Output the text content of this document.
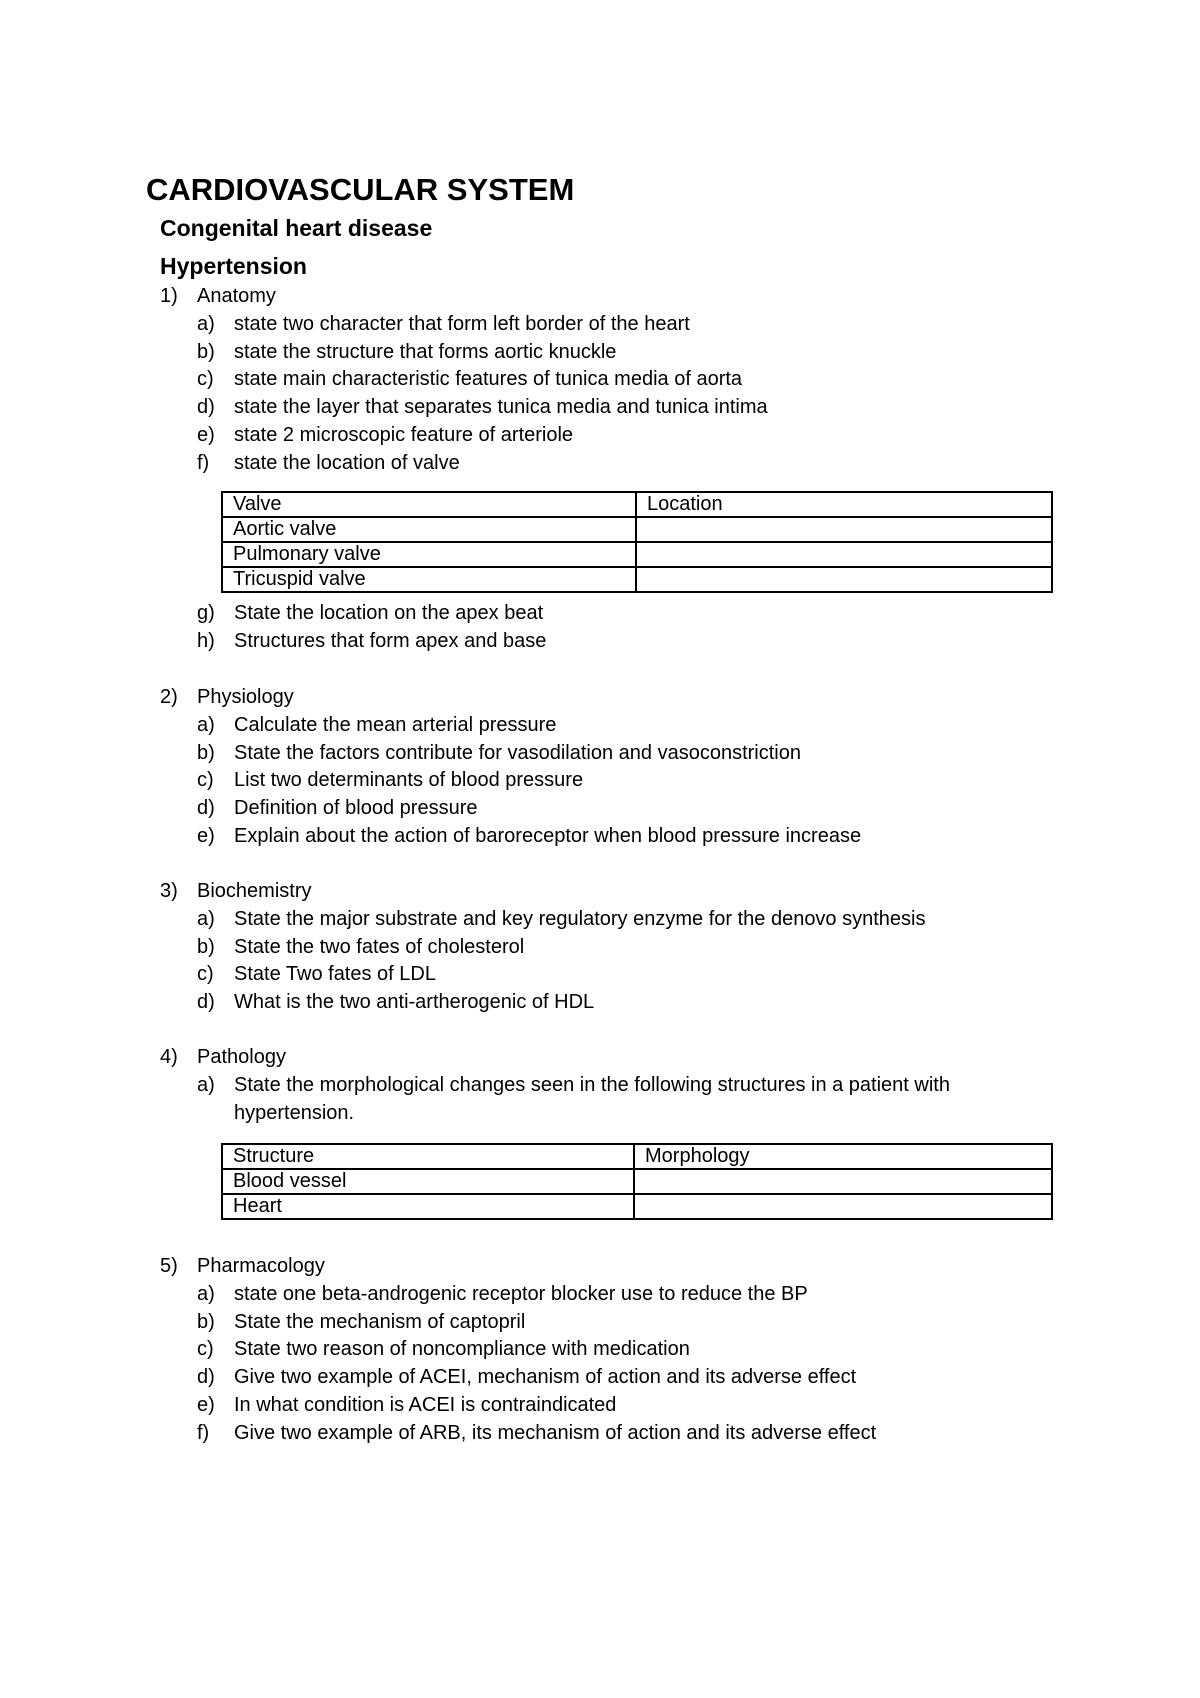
CARDIOVASCULAR SYSTEM
Congenital heart disease
Hypertension
1) Anatomy
a) state two character that form left border of the heart
b) state the structure that forms aortic knuckle
c)	state main characteristic features of tunica media of aorta
d) state the layer that separates tunica media and tunica intima
e) state 2 microscopic feature of arteriole
f)	state the location of valve
Valve	Location
Aortic valve	
Pulmonary valve	
Tricuspid valve	
g) State the location on the apex beat
h) Structures that form apex and base
2) Physiology
a) Calculate the mean arterial pressure
b) State the factors contribute for vasodilation and vasoconstriction
c)	List two determinants of blood pressure
d) Definition of blood pressure
e) Explain about the action of baroreceptor when blood pressure increase
3) Biochemistry
a) State the major substrate and key regulatory enzyme for the denovo synthesis
b) State the two fates of cholesterol
c)	State Two fates of LDL
d) What is the two anti-artherogenic of HDL
4) Pathology
a) State the morphological changes seen in the following structures in a patient with hypertension.
Structure	Morphology
Blood vessel	
Heart	
5) Pharmacology
a) state one beta-androgenic receptor blocker use to reduce the BP
b) State the mechanism of captopril
c)	State two reason of noncompliance with medication
d) Give two example of ACEI, mechanism of action and its adverse effect
e) In what condition is ACEI is contraindicated
f)	Give two example of ARB, its mechanism of action and its adverse effect
